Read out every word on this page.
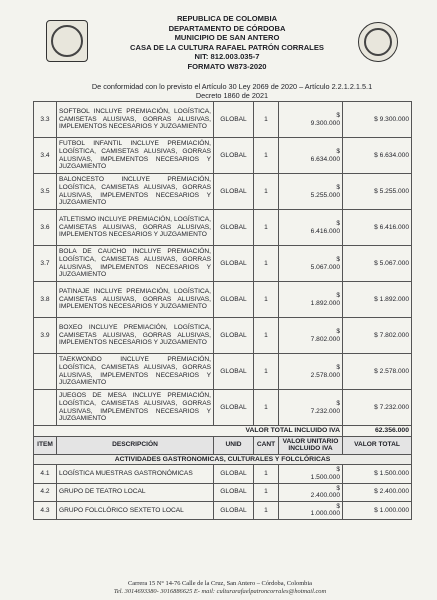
REPUBLICA DE COLOMBIA
DEPARTAMENTO DE CÓRDOBA
MUNICIPIO DE SAN ANTERO
CASA DE LA CULTURA RAFAEL PATRÓN CORRALES
NIT: 812.003.035-7
FORMATO W873-2020
De conformidad con lo previsto el Artículo 30 Ley 2069 de 2020 – Artículo 2.2.1.2.1.5.1
Decreto 1860 de 2021
3.3	SOFTBOL INCLUYE PREMIACIÓN, LOGÍSTICA, CAMISETAS ALUSIVAS, GORRAS ALUSIVAS, IMPLEMENTOS NECESARIOS Y JUZGAMIENTO	GLOBAL	1	$
9.300.000	$ 9.300.000
3.4	FUTBOL INFANTIL INCLUYE PREMIACIÓN, LOGÍSTICA, CAMISETAS ALUSIVAS, GORRAS ALUSIVAS, IMPLEMENTOS NECESARIOS Y JUZGAMIENTO	GLOBAL	1	$
6.634.000	$ 6.634.000
3.5	BALONCESTO INCLUYE PREMIACIÓN, LOGÍSTICA, CAMISETAS ALUSIVAS, GORRAS ALUSIVAS, IMPLEMENTOS NECESARIOS Y JUZGAMIENTO	GLOBAL	1	$
5.255.000	$ 5.255.000
3.6	ATLETISMO INCLUYE PREMIACIÓN, LOGÍSTICA, CAMISETAS ALUSIVAS, GORRAS ALUSIVAS, IMPLEMENTOS NECESARIOS Y JUZGAMIENTO	GLOBAL	1	$
6.416.000	$ 6.416.000
3.7	BOLA DE CAUCHO INCLUYE PREMIACIÓN, LOGÍSTICA, CAMISETAS ALUSIVAS, GORRAS ALUSIVAS, IMPLEMENTOS NECESARIOS Y JUZGAMIENTO	GLOBAL	1	$
5.067.000	$ 5.067.000
3.8	PATINAJE INCLUYE PREMIACIÓN, LOGÍSTICA, CAMISETAS ALUSIVAS, GORRAS ALUSIVAS, IMPLEMENTOS NECESARIOS Y JUZGAMIENTO	GLOBAL	1	$
1.892.000	$ 1.892.000
3.9	BOXEO INCLUYE PREMIACIÓN, LOGÍSTICA, CAMISETAS ALUSIVAS, GORRAS ALUSIVAS, IMPLEMENTOS NECESARIOS Y JUZGAMIENTO	GLOBAL	1	$
7.802.000	$ 7.802.000
	TAEKWONDO INCLUYE PREMIACIÓN, LOGÍSTICA, CAMISETAS ALUSIVAS, GORRAS ALUSIVAS, IMPLEMENTOS NECESARIOS Y JUZGAMIENTO	GLOBAL	1	$
2.578.000	$ 2.578.000
	JUEGOS DE MESA INCLUYE PREMIACIÓN, LOGÍSTICA, CAMISETAS ALUSIVAS, GORRAS ALUSIVAS, IMPLEMENTOS NECESARIOS Y JUZGAMIENTO	GLOBAL	1	$
7.232.000	$ 7.232.000
VALOR TOTAL INCLUIDO IVA					62.356.000
ITEM	DESCRIPCIÓN	UNID	CANT	VALOR UNITARIO INCLUIDO IVA	VALOR TOTAL
ACTIVIDADES GASTRONOMICAS, CULTURALES Y FOLCLÓRICAS					
4.1	LOGÍSTICA MUESTRAS GASTRONÓMICAS	GLOBAL	1	$
1.500.000	$ 1.500.000
4.2	GRUPO DE TEATRO LOCAL	GLOBAL	1	$
2.400.000	$ 2.400.000
4.3	GRUPO FOLCLÓRICO SEXTETO LOCAL	GLOBAL	1	$
1.000.000	$ 1.000.000
Carrera 15 N° 14-76 Calle de la Cruz, San Antero – Córdoba, Colombia
Tel. 3014693380- 3016886625 E- mail: culturarafaelpatroncorrales@hotmail.com
